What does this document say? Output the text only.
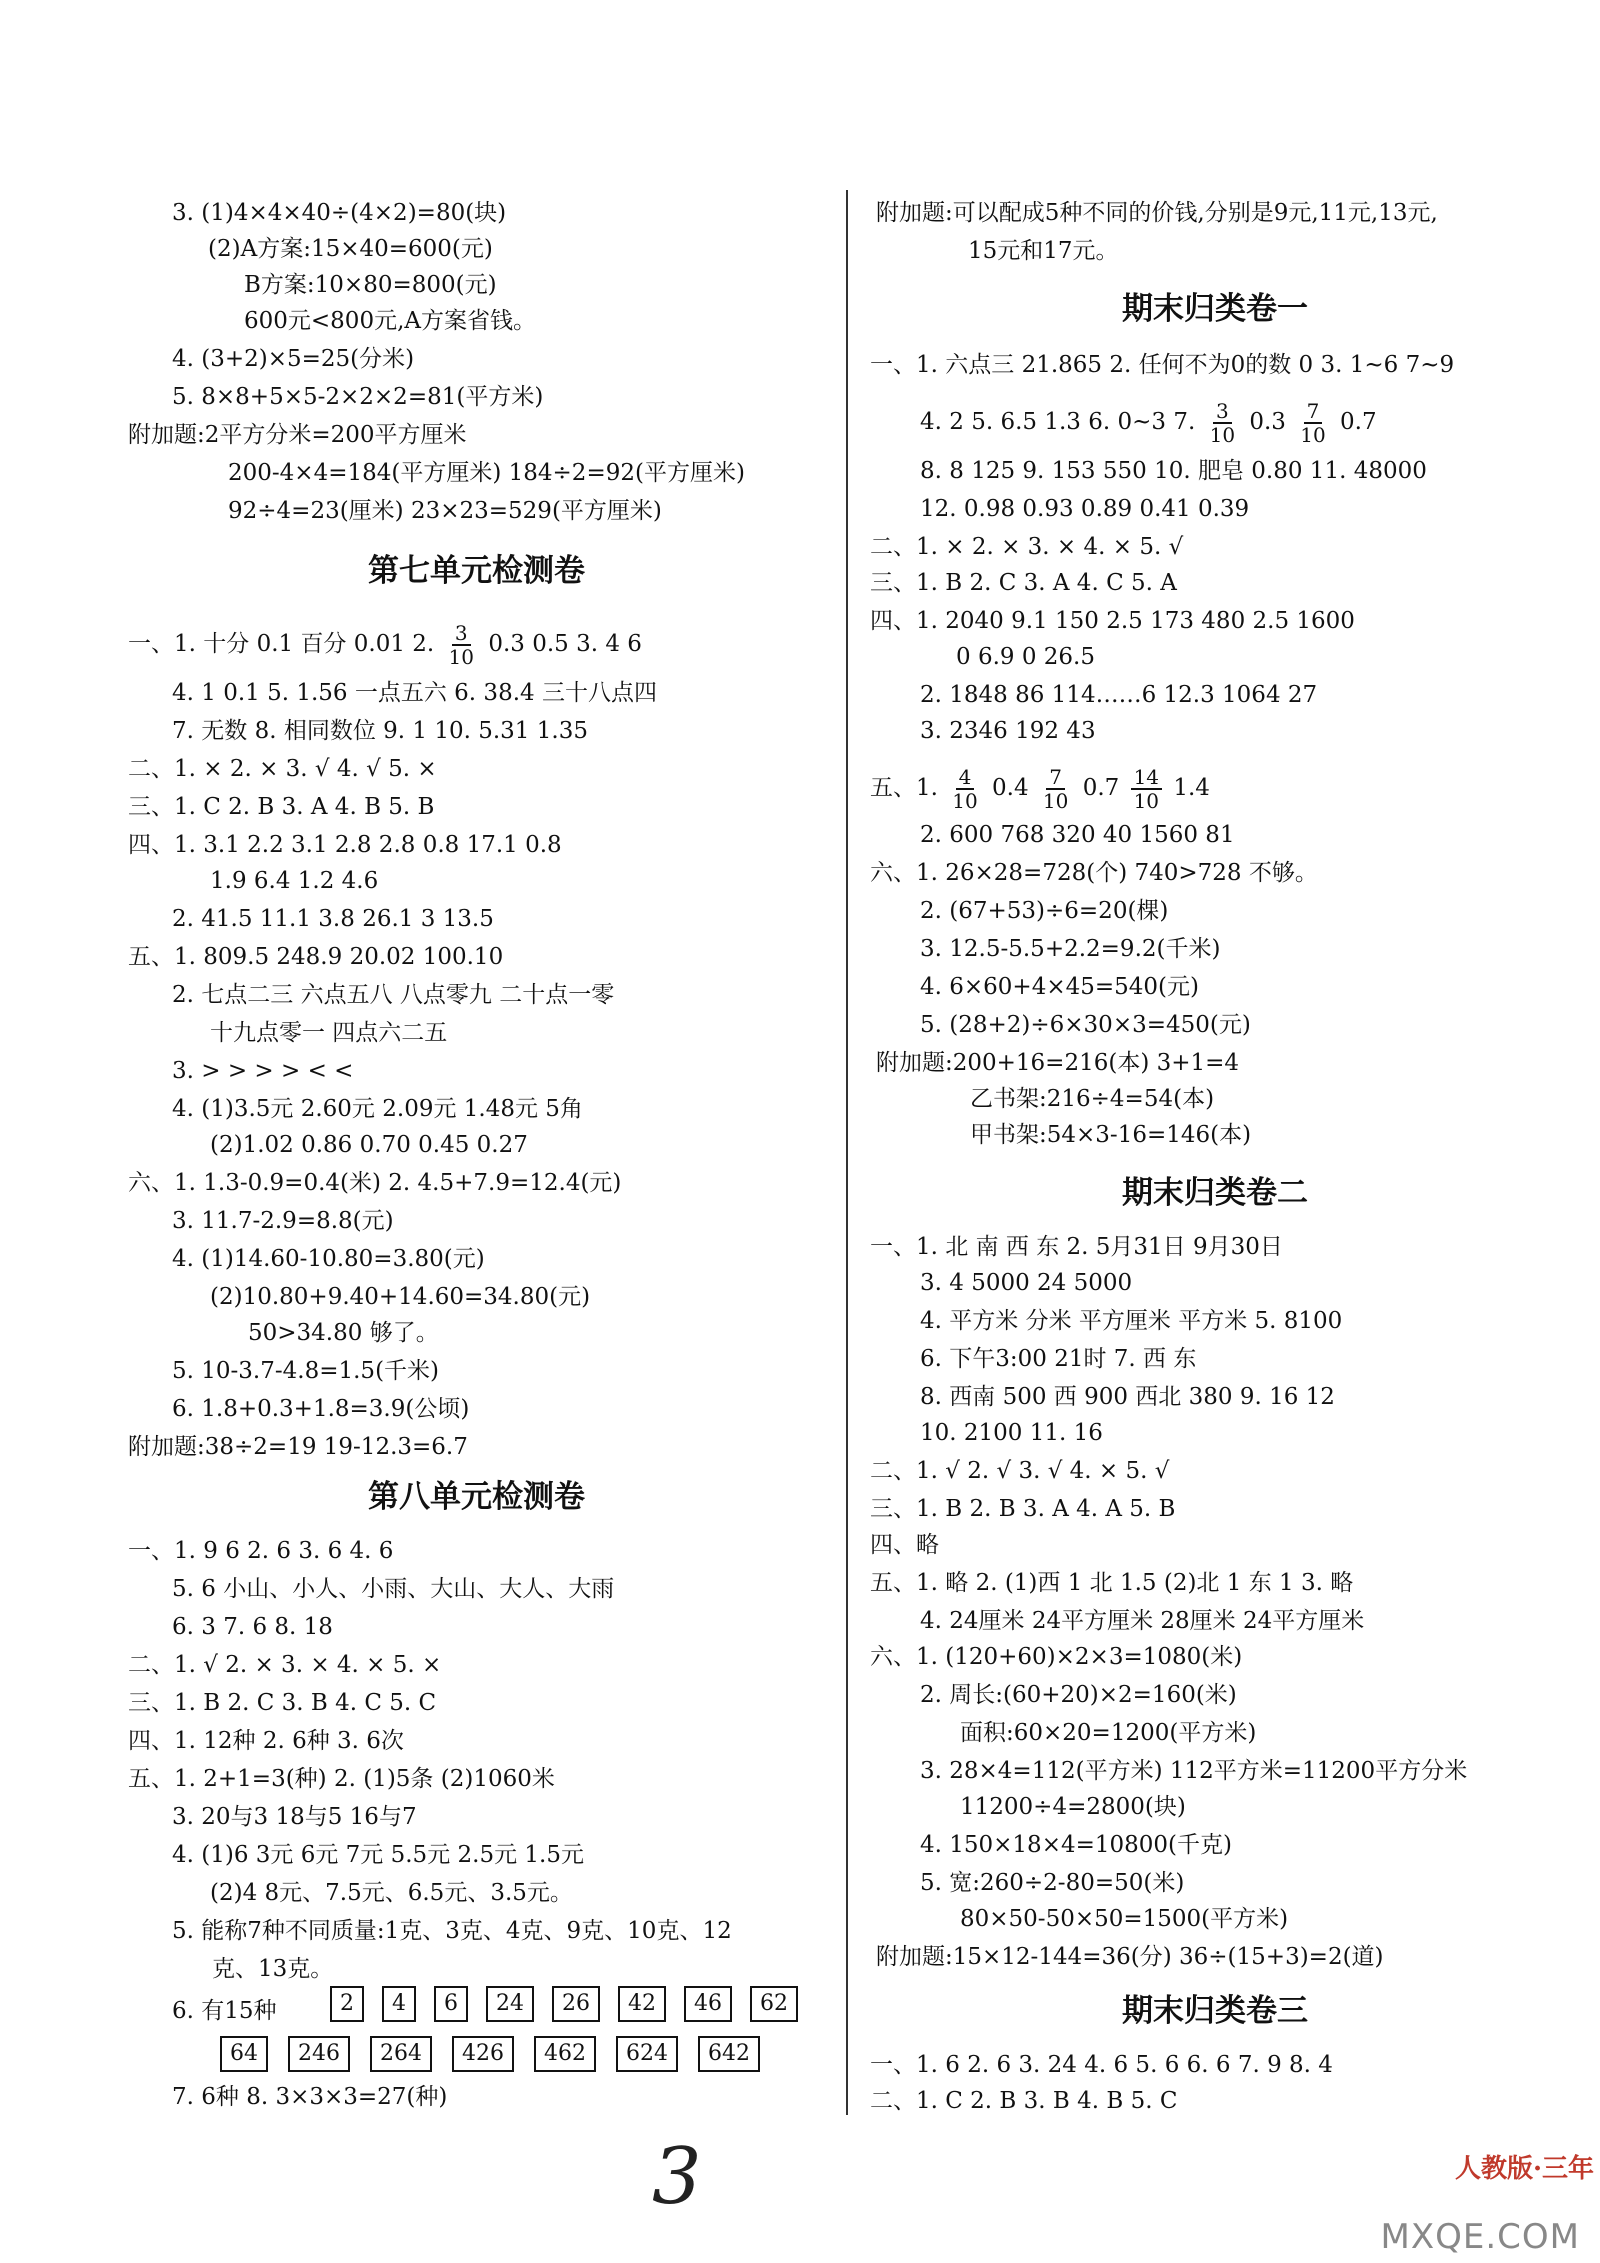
3. (1)4×4×40÷(4×2)=80(块)
(2)A方案:15×40=600(元)
B方案:10×80=800(元)
600元<800元,A方案省钱。
4. (3+2)×5=25(分米)
5. 8×8+5×5-2×2×2=81(平方米)
附加题:2平方分米=200平方厘米
200-4×4=184(平方厘米) 184÷2=92(平方厘米)
92÷4=23(厘米) 23×23=529(平方厘米)
第七单元检测卷
一、1. 十分 0.1 百分 0.01 2. $\frac{3}{10} 0.3$ 0.5 3. 4 6
4. 1 0.1 5. 1.56 一点五六 6. 38.4 三十八点四
7. 无数 8. 相同数位 9. 1 10. 5.31 1.35
二、1. × 2. × 3. √ 4. √ 5. ×
三、1. C 2. B 3. A 4. B 5. B
四、1. 3.1 2.2 3.1 2.8 2.8 0.8 17.1 0.8
1.9 6.4 1.2 4.6
2. 41.5 11.1 3.8 26.1 3 13.5
五、1. 809.5 248.9 20.02 100.10
2. 七点二三 六点五八 八点零九 二十点一零
十九点零一 四点六二五
3. > > > > < <
4. (1)3.5元 2.60元 2.09元 1.48元 5角
(2)1.02 0.86 0.70 0.45 0.27
六、1. 1.3-0.9=0.4(米) 2. 4.5+7.9=12.4(元)
3. 11.7-2.9=8.8(元)
4. (1)14.60-10.80=3.80(元)
(2)10.80+9.40+14.60=34.80(元)
50>34.80 够了。
5. 10-3.7-4.8=1.5(千米)
6. 1.8+0.3+1.8=3.9(公顷)
附加题:38÷2=19 19-12.3=6.7
第八单元检测卷
一、1. 9 6 2. 6 3. 6 4. 6
5. 6 小山、小人、小雨、大山、大人、大雨
6. 3 7. 6 8. 18
二、1. √ 2. × 3. × 4. × 5. ×
三、1. B 2. C 3. B 4. C 5. C
四、1. 12种 2. 6种 3. 6次
五、1. 2+1=3(种) 2. (1)5条 (2)1060米
3. 20与3 18与5 16与7
4. (1)6 3元 6元 7元 5.5元 2.5元 1.5元
(2)4 8元、7.5元、6.5元、3.5元。
5. 能称7种不同质量:1克、3克、4克、9克、10克、12
克、13克。
6. 有15种	2	4	6	24	26	42	46	62
64	246	264	426	462	624	642
7. 6种 8. 3×3×3=27(种)
附加题:可以配成5种不同的价钱,分别是9元,11元,13元,
15元和17元。
期末归类卷一
一、1. 六点三 21.865 2. 任何不为0的数 0 3. 1~6 7~9
4. 2 5. 6.5 1.3 6. 0~3 7. $\frac{3}{10} 0.3 \frac{7}{10} 0.7$
8. 8 125 9. 153 550 10. 肥皂 0.80 11. 48000
12. 0.98 0.93 0.89 0.41 0.39
二、1. × 2. × 3. × 4. × 5. √
三、1. B 2. C 3. A 4. C 5. A
四、1. 2040 9.1 150 2.5 173 480 2.5 1600
0 6.9 0 26.5
2. 1848 86 114……6 12.3 1064 27
3. 2346 192 43
五、1. $\frac{4}{10} 0.4 \frac{7}{10} 0.7 \frac{14}{10} 1.4$
2. 600 768 320 40 1560 81
六、1. 26×28=728(个) 740>728 不够。
2. (67+53)÷6=20(棵)
3. 12.5-5.5+2.2=9.2(千米)
4. 6×60+4×45=540(元)
5. (28+2)÷6×30×3=450(元)
附加题:200+16=216(本) 3+1=4
乙书架:216÷4=54(本)
甲书架:54×3-16=146(本)
期末归类卷二
一、1. 北 南 西 东 2. 5月31日 9月30日
3. 4 5000 24 5000
4. 平方米 分米 平方厘米 平方米 5. 8100
6. 下午3:00 21时 7. 西 东
8. 西南 500 西 900 西北 380 9. 16 12
10. 2100 11. 16
二、1. √ 2. √ 3. √ 4. × 5. √
三、1. B 2. B 3. A 4. A 5. B
四、略
五、1. 略 2. (1)西 1 北 1.5 (2)北 1 东 1 3. 略
4. 24厘米 24平方厘米 28厘米 24平方厘米
六、1. (120+60)×2×3=1080(米)
2. 周长:(60+20)×2=160(米)
面积:60×20=1200(平方米)
3. 28×4=112(平方米) 112平方米=11200平方分米
11200÷4=2800(块)
4. 150×18×4=10800(千克)
5. 宽:260÷2-80=50(米)
80×50-50×50=1500(平方米)
附加题:15×12-144=36(分) 36÷(15+3)=2(道)
期末归类卷三
一、1. 6 2. 6 3. 24 4. 6 5. 6 6. 6 7. 9 8. 4
二、1. C 2. B 3. B 4. B 5. C
3	人教版·三年
MXQE.COM
